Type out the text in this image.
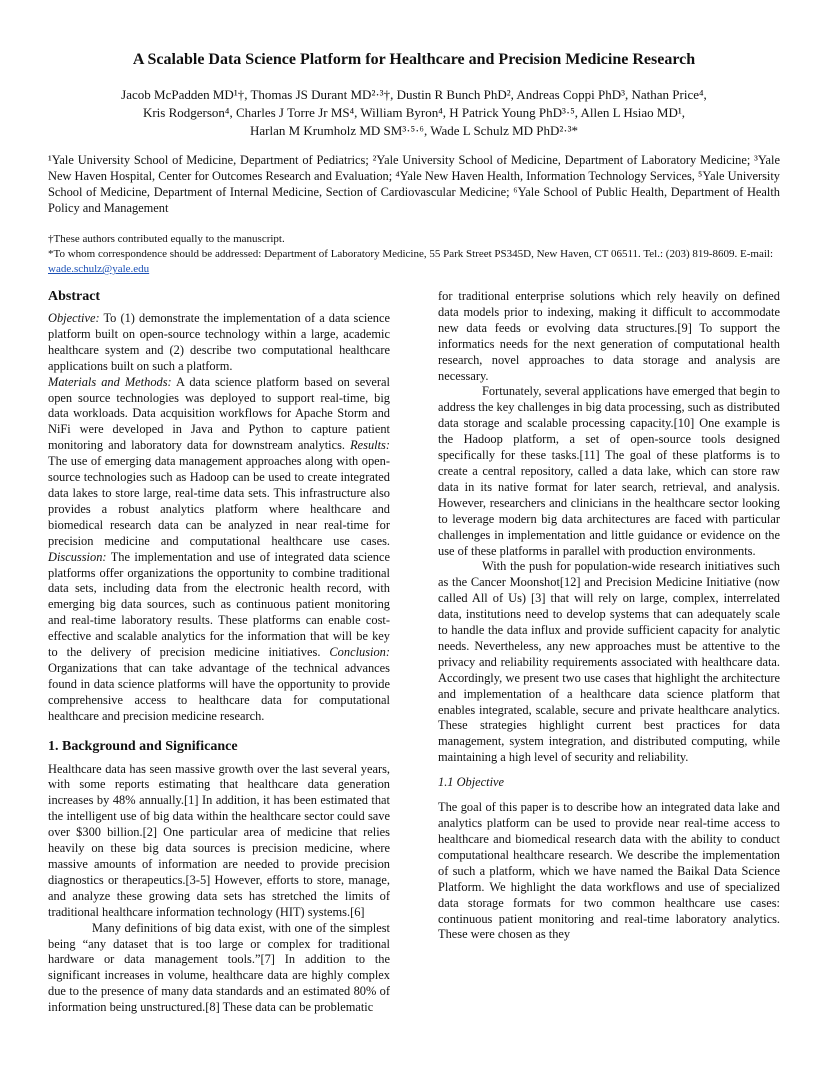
A Scalable Data Science Platform for Healthcare and Precision Medicine Research
Jacob McPadden MD¹†, Thomas JS Durant MD²·³†, Dustin R Bunch PhD², Andreas Coppi PhD³, Nathan Price⁴,
Kris Rodgerson⁴, Charles J Torre Jr MS⁴, William Byron⁴, H Patrick Young PhD³·⁵, Allen L Hsiao MD¹,
Harlan M Krumholz MD SM³·⁵·⁶, Wade L Schulz MD PhD²·³*
¹Yale University School of Medicine, Department of Pediatrics; ²Yale University School of Medicine, Department of Laboratory Medicine; ³Yale New Haven Hospital, Center for Outcomes Research and Evaluation; ⁴Yale New Haven Health, Information Technology Services, ⁵Yale University School of Medicine, Department of Internal Medicine, Section of Cardiovascular Medicine; ⁶Yale School of Public Health, Department of Health Policy and Management

†These authors contributed equally to the manuscript.

*To whom correspondence should be addressed: Department of Laboratory Medicine, 55 Park Street PS345D, New Haven, CT 06511. Tel.: (203) 819-8609. E-mail: wade.schulz@yale.edu

Abstract

Objective: To (1) demonstrate the implementation of a data science platform built on open-source technology within a large, academic healthcare system and (2) describe two computational healthcare applications built on such a platform.
Materials and Methods: A data science platform based on several open source technologies was deployed to support real-time, big data workloads. Data acquisition workflows for Apache Storm and NiFi were developed in Java and Python to capture patient monitoring and laboratory data for downstream analytics. Results: The use of emerging data management approaches along with open-source technologies such as Hadoop can be used to create integrated data lakes to store large, real-time data sets. This infrastructure also provides a robust analytics platform where healthcare and biomedical research data can be analyzed in near real-time for precision medicine and computational healthcare use cases. Discussion: The implementation and use of integrated data science platforms offer organizations the opportunity to combine traditional data sets, including data from the electronic health record, with emerging big data sources, such as continuous patient monitoring and real-time laboratory results. These platforms can enable cost-effective and scalable analytics for the information that will be key to the delivery of precision medicine initiatives. Conclusion: Organizations that can take advantage of the technical advances found in data science platforms will have the opportunity to provide comprehensive access to healthcare data for computational healthcare and precision medicine research.

1. Background and Significance

Healthcare data has seen massive growth over the last several years, with some reports estimating that healthcare data generation increases by 48% annually.[1] In addition, it has been estimated that the intelligent use of big data within the healthcare sector could save over $300 billion.[2] One particular area of medicine that relies heavily on these big data sources is precision medicine, where massive amounts of information are needed to provide precision diagnostics or therapeutics.[3-5] However, efforts to store, manage, and analyze these growing data sets has stretched the limits of traditional healthcare information technology (HIT) systems.[6]

Many definitions of big data exist, with one of the simplest being “any dataset that is too large or complex for traditional hardware or data management tools.”[7] In addition to the significant increases in volume, healthcare data are highly complex due to the presence of many data standards and an estimated 80% of information being unstructured.[8] These data can be problematic

for traditional enterprise solutions which rely heavily on defined data models prior to indexing, making it difficult to accommodate new data feeds or evolving data structures.[9] To support the informatics needs for the next generation of computational health research, novel approaches to data storage and analysis are necessary.

Fortunately, several applications have emerged that begin to address the key challenges in big data processing, such as distributed data storage and scalable processing capacity.[10] One example is the Hadoop platform, a set of open-source tools designed specifically for these tasks.[11] The goal of these platforms is to create a central repository, called a data lake, which can store raw data in its native format for later search, retrieval, and analysis. However, researchers and clinicians in the healthcare sector looking to leverage modern big data architectures are faced with particular challenges in implementation and little guidance or evidence on the use of these platforms in parallel with production environments.

With the push for population-wide research initiatives such as the Cancer Moonshot[12] and Precision Medicine Initiative (now called All of Us) [3] that will rely on large, complex, interrelated data, institutions need to develop systems that can adequately scale to handle the data influx and provide sufficient capacity for analytic needs. Nevertheless, any new approaches must be attentive to the privacy and reliability requirements associated with healthcare data. Accordingly, we present two use cases that highlight the architecture and implementation of a healthcare data science platform that enables integrated, scalable, secure and private healthcare analytics. These strategies highlight current best practices for data management, system integration, and distributed computing, while maintaining a high level of security and reliability.

1.1 Objective

The goal of this paper is to describe how an integrated data lake and analytics platform can be used to provide near real-time access to healthcare and biomedical research data with the ability to conduct computational healthcare research. We describe the implementation of such a platform, which we have named the Baikal Data Science Platform. We highlight the data workflows and use of specialized data storage formats for two common healthcare use cases: continuous patient monitoring and real-time laboratory analytics. These were chosen as they
